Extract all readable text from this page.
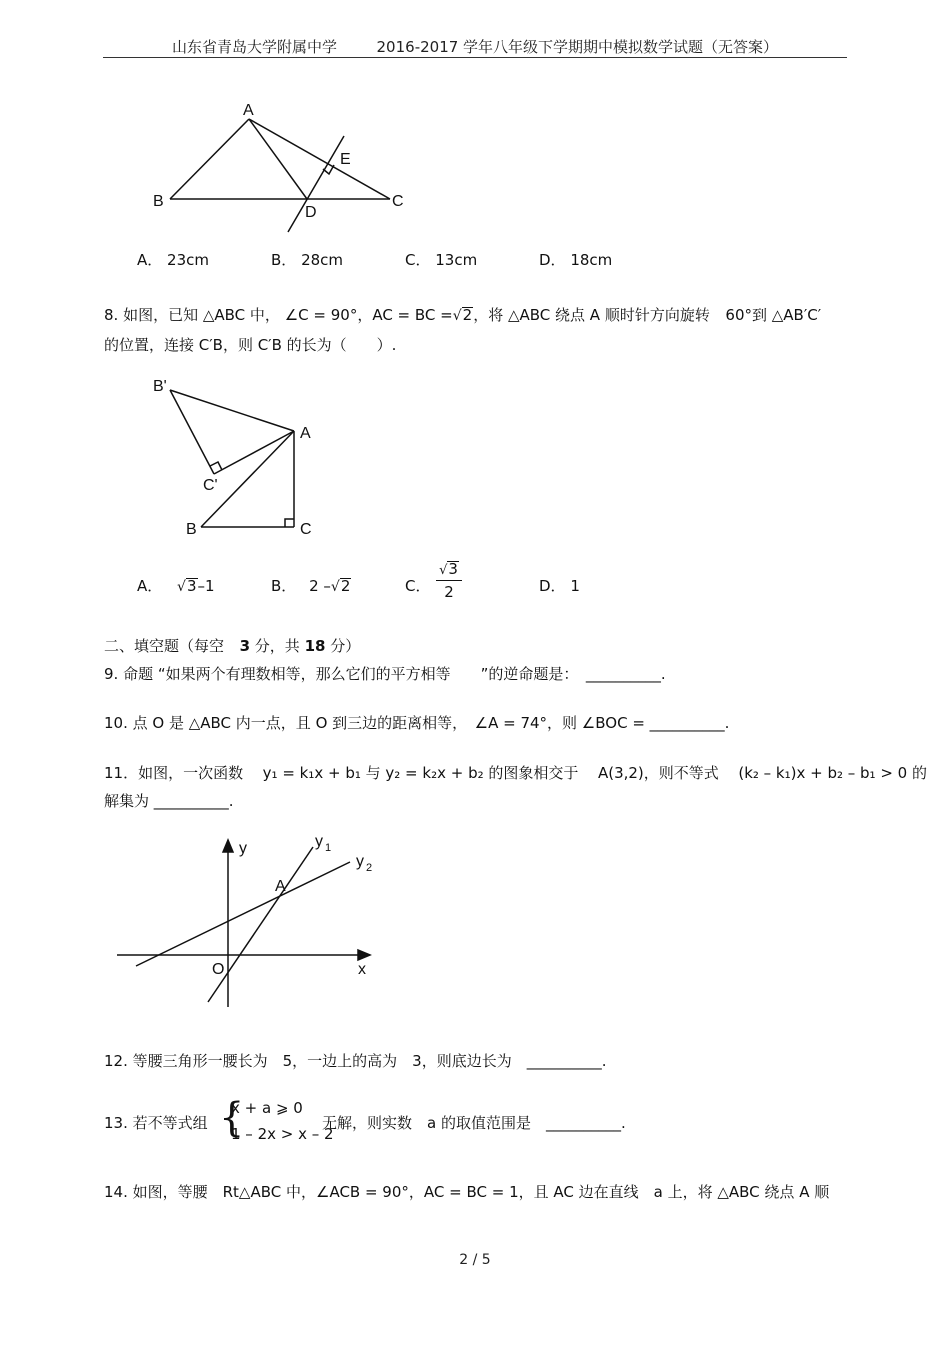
山东省青岛大学附属中学	2016-2017 学年八年级下学期期中模拟数学试题（无答案）
A
B	C
D
E
A． 23cm	B． 28cm	C． 13cm	D． 18cm
8. 如图，已知 △ABC 中， ∠C = 90°，AC = BC =√2，将 △ABC 绕点 A 顺时针方向旋转 60°到 △AB′C′
的位置，连接 C′B，则 C′B 的长为（　　）.
B'
A
C'
B	C
A． √3–1	B． 2 –√2	C．
√3
2	D． 1
二、填空题（每空 3 分，共 18 分）
9. 命题 “如果两个有理数相等，那么它们的平方相等　　”的逆命题是：　__________.
10. 点 O 是 △ABC 内一点，且 O 到三边的距离相等，　∠A = 74°，则 ∠BOC = __________.
11．如图，一次函数 y₁ = k₁x + b₁ 与 y₂ = k₂x + b₂ 的图象相交于 A(3,2)，则不等式 (k₂ – k₁)x + b₂ – b₁ > 0 的
解集为 __________.
y	y 1
y 2
A
O	x
12. 等腰三角形一腰长为　5，一边上的高为　3，则底边长为　__________.
13. 若不等式组 {
x + a ⩾ 0
1 – 2x > x – 2
无解，则实数　a 的取值范围是　__________.
14. 如图，等腰　Rt△ABC 中，∠ACB = 90°，AC = BC = 1，且 AC 边在直线　a 上，将 △ABC 绕点 A 顺
2 / 5
